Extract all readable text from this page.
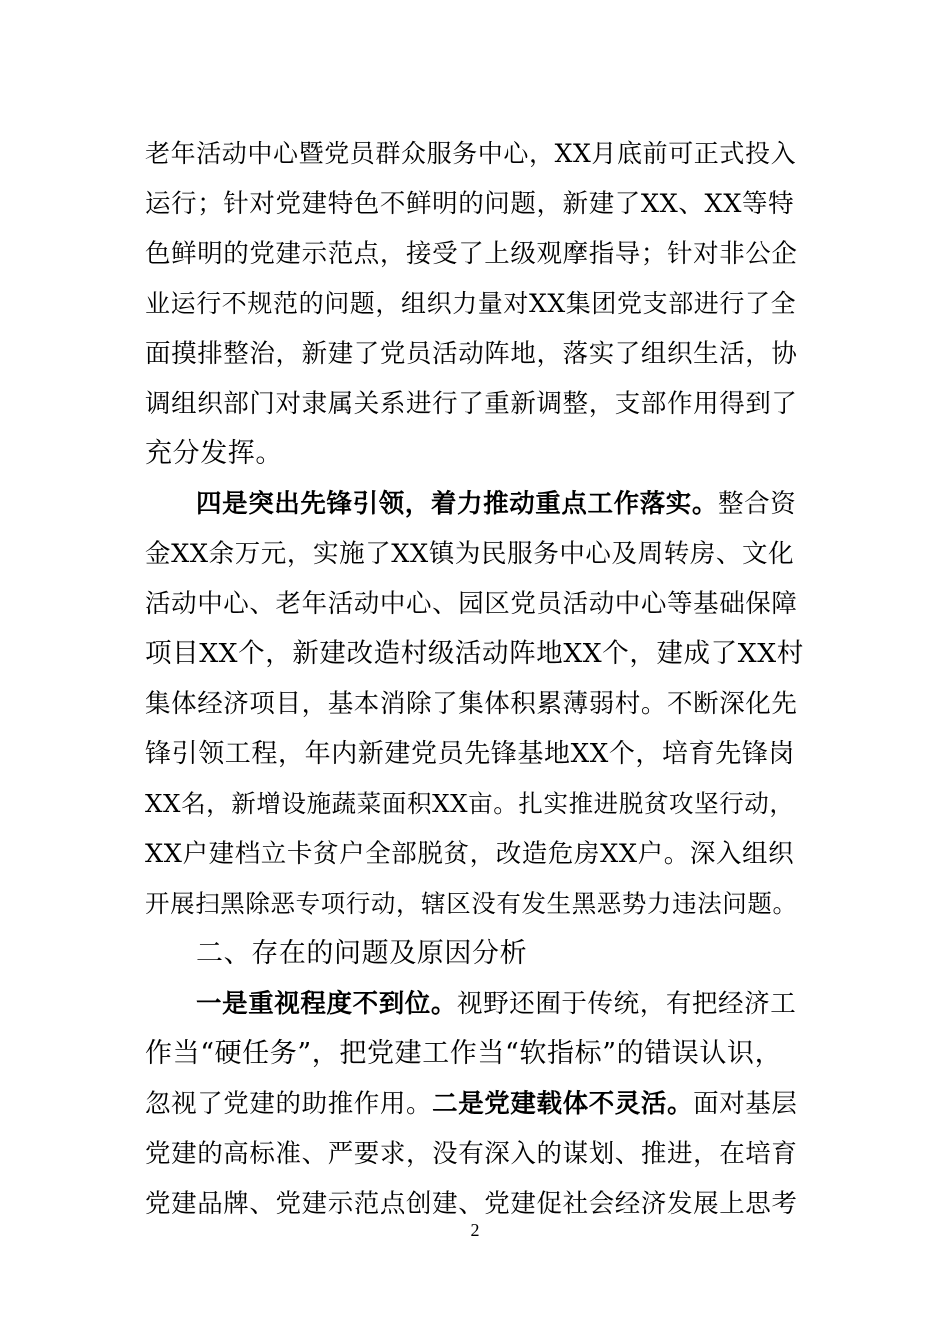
老年活动中心暨党员群众服务中心，XX月底前可正式投入
运行；针对党建特色不鲜明的问题，新建了XX、XX等特
色鲜明的党建示范点，接受了上级观摩指导；针对非公企
业运行不规范的问题，组织力量对XX集团党支部进行了全
面摸排整治，新建了党员活动阵地，落实了组织生活，协
调组织部门对隶属关系进行了重新调整，支部作用得到了
充分发挥。
四是突出先锋引领，着力推动重点工作落实。整合资
金XX余万元，实施了XX镇为民服务中心及周转房、文化
活动中心、老年活动中心、园区党员活动中心等基础保障
项目XX个，新建改造村级活动阵地XX个，建成了XX村
集体经济项目，基本消除了集体积累薄弱村。不断深化先
锋引领工程，年内新建党员先锋基地XX个，培育先锋岗
XX名，新增设施蔬菜面积XX亩。扎实推进脱贫攻坚行动，
XX户建档立卡贫户全部脱贫，改造危房XX户。深入组织
开展扫黑除恶专项行动，辖区没有发生黑恶势力违法问题。
二、存在的问题及原因分析
一是重视程度不到位。视野还囿于传统，有把经济工
作当“硬任务”，把党建工作当“软指标”的错误认识，
忽视了党建的助推作用。二是党建载体不灵活。面对基层
党建的高标准、严要求，没有深入的谋划、推进，在培育
党建品牌、党建示范点创建、党建促社会经济发展上思考
2
